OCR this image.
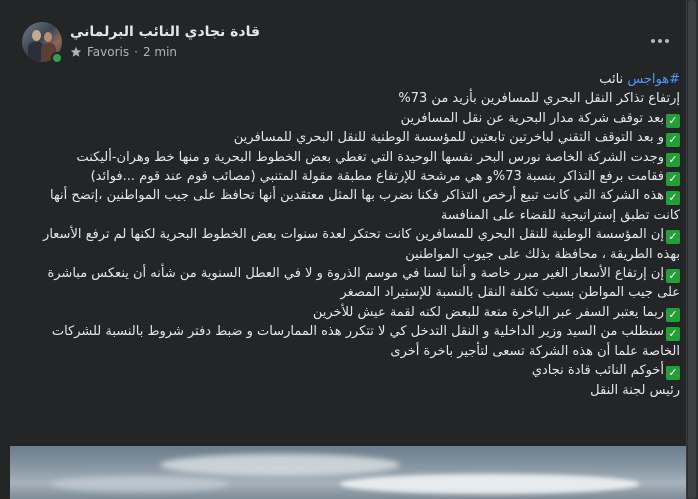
قادة نجادي النائب البرلماني
Favoris · 2 min

#هواجس نائب

إرتفاع تذاكر النقل البحري للمسافرين بأزيد من 73%

✓بعد توقف شركة مدار البحرية عن نقل المسافرين

✓و بعد التوقف التقني لباخرتين تابعتين للمؤسسة الوطنية للنقل البحري للمسافرين

✓وجدت الشركة الخاصة نورس البحر نفسها الوحيدة التي تغطي بعض الخطوط البحرية و منها خط وهران-أليكنت

✓فقامت برفع التذاكر بنسبة 73%و هي مرشحة للإرتفاع مطبقة مقولة المتنبي (مصائب قوم عند قوم ...فوائد)

✓هذه الشركة التي كانت تبيع أرخص التذاكر فكنا نضرب بها المثل معتقدين أنها تحافظ على جيب المواطنين ،إتضح أنها كانت تطبق إستراتيجية للقضاء على المنافسة

✓إن المؤسسة الوطنية للنقل البحري للمسافرين كانت تحتكر لعدة سنوات بعض الخطوط البحرية لكنها لم ترفع الأسعار بهذه الطريقة ، محافظة بذلك على جيوب المواطنين

✓إن إرتفاع الأسعار الغير مبرر خاصة و أننا لسنا في موسم الذروة و لا في العطل السنوية من شأنه أن ينعكس مباشرة على جيب المواطن بسبب تكلفة النقل بالنسبة للإستيراد المصغر

✓ربما يعتبر السفر عبر الباخرة متعة للبعض لكنه لقمة عيش للأخرين

✓سنطلب من السيد وزير الداخلية و النقل التدخل كي لا تتكرر هذه الممارسات و ضبط دفتر شروط بالنسبة للشركات الخاصة علما أن هذه الشركة تسعى لتأجير باخرة أخرى

✓أخوكم النائب قادة نجادي

رئيس لجنة النقل
